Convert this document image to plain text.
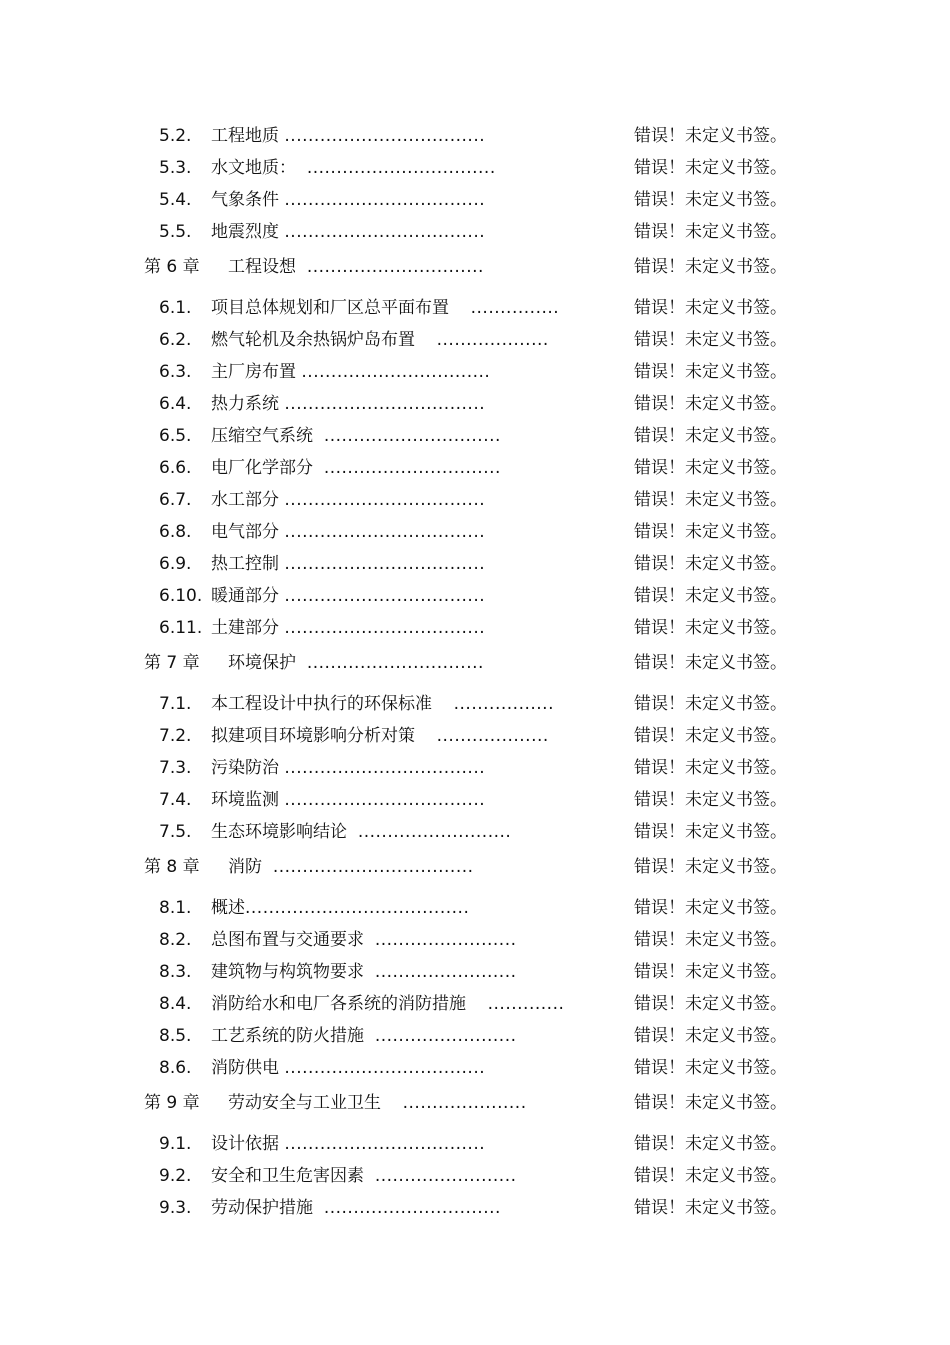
5.2. 工程地质 ..................................	错误！未定义书签。
5.3. 水文地质： ................................	错误！未定义书签。
5.4. 气象条件 ..................................	错误！未定义书签。
5.5. 地震烈度 ..................................	错误！未定义书签。
第 6 章 工程设想 ..............................	错误！未定义书签。
6.1. 项目总体规划和厂区总平面布置 ...............	错误！未定义书签。
6.2. 燃气轮机及余热锅炉岛布置 ...................	错误！未定义书签。
6.3. 主厂房布置 ................................	错误！未定义书签。
6.4. 热力系统 ..................................	错误！未定义书签。
6.5. 压缩空气系统 ..............................	错误！未定义书签。
6.6. 电厂化学部分 ..............................	错误！未定义书签。
6.7. 水工部分 ..................................	错误！未定义书签。
6.8. 电气部分 ..................................	错误！未定义书签。
6.9. 热工控制 ..................................	错误！未定义书签。
6.10. 暖通部分 ..................................	错误！未定义书签。
6.11. 土建部分 ..................................	错误！未定义书签。
第 7 章 环境保护 ..............................	错误！未定义书签。
7.1. 本工程设计中执行的环保标准 .................	错误！未定义书签。
7.2. 拟建项目环境影响分析对策 ...................	错误！未定义书签。
7.3. 污染防治 ..................................	错误！未定义书签。
7.4. 环境监测 ..................................	错误！未定义书签。
7.5. 生态环境影响结论 ..........................	错误！未定义书签。
第 8 章 消防 ..................................	错误！未定义书签。
8.1. 概述......................................	错误！未定义书签。
8.2. 总图布置与交通要求 ........................	错误！未定义书签。
8.3. 建筑物与构筑物要求 ........................	错误！未定义书签。
8.4. 消防给水和电厂各系统的消防措施 .............	错误！未定义书签。
8.5. 工艺系统的防火措施 ........................	错误！未定义书签。
8.6. 消防供电 ..................................	错误！未定义书签。
第 9 章 劳动安全与工业卫生 .....................	错误！未定义书签。
9.1. 设计依据 ..................................	错误！未定义书签。
9.2. 安全和卫生危害因素 ........................	错误！未定义书签。
9.3. 劳动保护措施 ..............................	错误！未定义书签。
